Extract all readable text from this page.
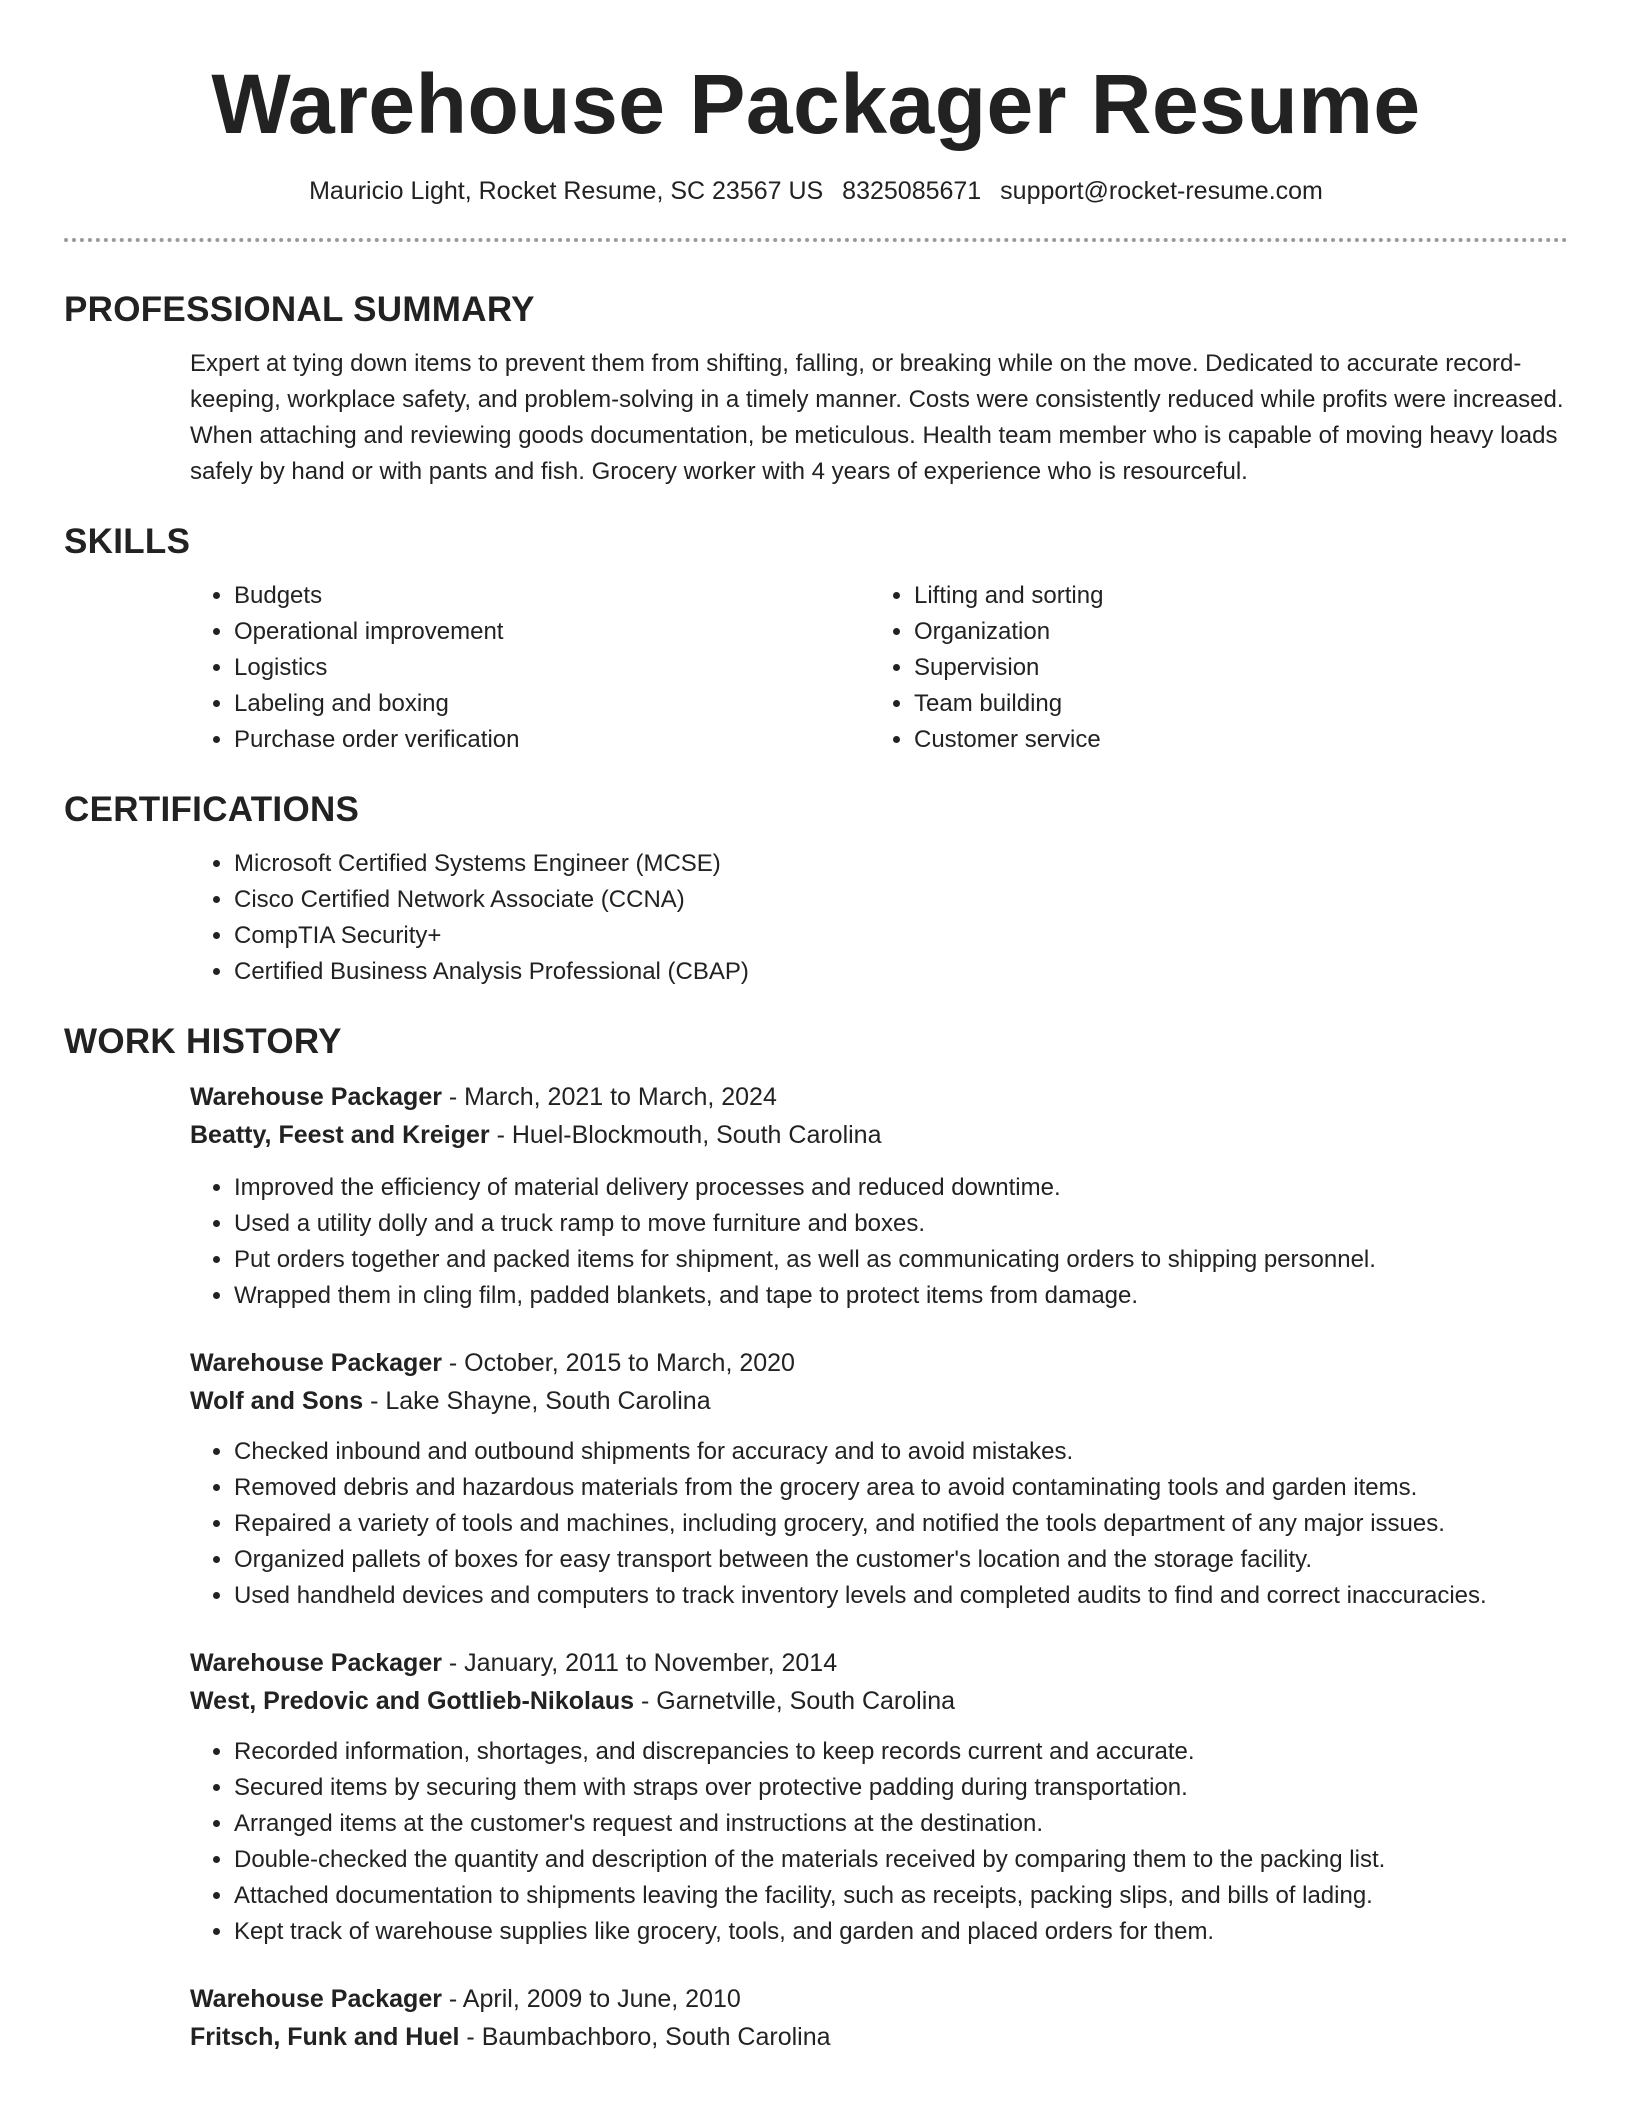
Warehouse Packager Resume
Mauricio Light, Rocket Resume, SC 23567 US 8325085671 support@rocket-resume.com
PROFESSIONAL SUMMARY
Expert at tying down items to prevent them from shifting, falling, or breaking while on the move. Dedicated to accurate record-keeping, workplace safety, and problem-solving in a timely manner. Costs were consistently reduced while profits were increased. When attaching and reviewing goods documentation, be meticulous. Health team member who is capable of moving heavy loads safely by hand or with pants and fish. Grocery worker with 4 years of experience who is resourceful.
SKILLS
• Budgets
• Operational improvement
• Logistics
• Labeling and boxing
• Purchase order verification
• Lifting and sorting
• Organization
• Supervision
• Team building
• Customer service
CERTIFICATIONS
• Microsoft Certified Systems Engineer (MCSE)
• Cisco Certified Network Associate (CCNA)
• CompTIA Security+
• Certified Business Analysis Professional (CBAP)
WORK HISTORY
Warehouse Packager - March, 2021 to March, 2024
Beatty, Feest and Kreiger - Huel-Blockmouth, South Carolina
• Improved the efficiency of material delivery processes and reduced downtime.
• Used a utility dolly and a truck ramp to move furniture and boxes.
• Put orders together and packed items for shipment, as well as communicating orders to shipping personnel.
• Wrapped them in cling film, padded blankets, and tape to protect items from damage.
Warehouse Packager - October, 2015 to March, 2020
Wolf and Sons - Lake Shayne, South Carolina
• Checked inbound and outbound shipments for accuracy and to avoid mistakes.
• Removed debris and hazardous materials from the grocery area to avoid contaminating tools and garden items.
• Repaired a variety of tools and machines, including grocery, and notified the tools department of any major issues.
• Organized pallets of boxes for easy transport between the customer's location and the storage facility.
• Used handheld devices and computers to track inventory levels and completed audits to find and correct inaccuracies.
Warehouse Packager - January, 2011 to November, 2014
West, Predovic and Gottlieb-Nikolaus - Garnetville, South Carolina
• Recorded information, shortages, and discrepancies to keep records current and accurate.
• Secured items by securing them with straps over protective padding during transportation.
• Arranged items at the customer's request and instructions at the destination.
• Double-checked the quantity and description of the materials received by comparing them to the packing list.
• Attached documentation to shipments leaving the facility, such as receipts, packing slips, and bills of lading.
• Kept track of warehouse supplies like grocery, tools, and garden and placed orders for them.
Warehouse Packager - April, 2009 to June, 2010
Fritsch, Funk and Huel - Baumbachboro, South Carolina
